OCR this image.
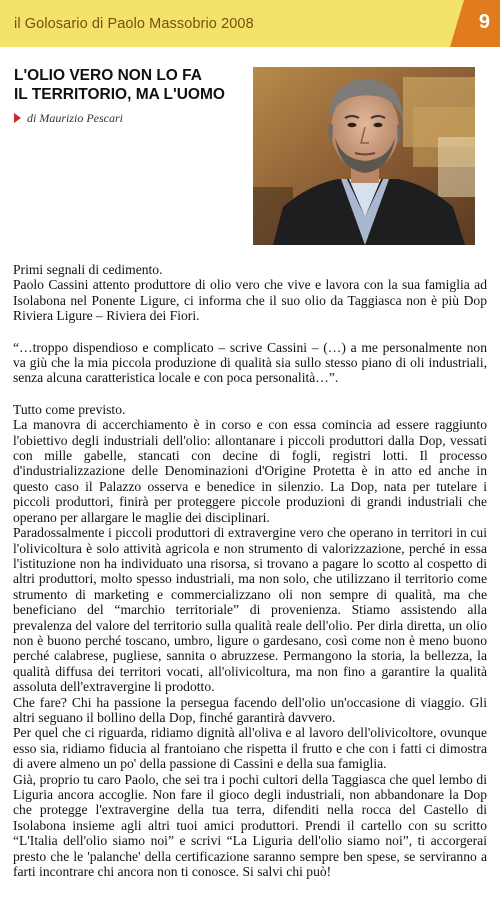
il Golosario di Paolo Massobrio 2008	9
L'OLIO VERO NON LO FA
IL TERRITORIO, MA L'UOMO
di Maurizio Pescari

Primi segnali di cedimento.

Paolo Cassini attento produttore di olio vero che vive e lavora con la sua famiglia ad Isolabona nel Ponente Ligure, ci informa che il suo olio da Taggiasca non è più Dop Riviera Ligure – Riviera dei Fiori.

“…troppo dispendioso e complicato – scrive Cassini – (…) a me personalmente non va giù che la mia piccola produzione di qualità sia sullo stesso piano di oli industriali, senza alcuna caratteristica locale e con poca personalità…”.

Tutto come previsto.

La manovra di accerchiamento è in corso e con essa comincia ad essere raggiunto l'obiettivo degli industriali dell'olio: allontanare i piccoli produttori dalla Dop, vessati con mille gabelle, stancati con decine di fogli, registri lotti. Il processo d'industrializzazione delle Denominazioni d'Origine Protetta è in atto ed anche in questo caso il Palazzo osserva e benedice in silenzio. La Dop, nata per tutelare i piccoli produttori, finirà per proteggere piccole produzioni di grandi industriali che operano per allargare le maglie dei disciplinari.

Paradossalmente i piccoli produttori di extravergine vero che operano in territori in cui l'olivicoltura è solo attività agricola e non strumento di valorizzazione, perché in essa l'istituzione non ha individuato una risorsa, si trovano a pagare lo scotto al cospetto di altri produttori, molto spesso industriali, ma non solo, che utilizzano il territorio come strumento di marketing e commercializzano oli non sempre di qualità, ma che beneficiano del “marchio territoriale” di provenienza. Stiamo assistendo alla prevalenza del valore del territorio sulla qualità reale dell'olio. Per dirla diretta, un olio non è buono perché toscano, umbro, ligure o gardesano, così come non è meno buono perché calabrese, pugliese, sannita o abruzzese. Permangono la storia, la bellezza, la qualità diffusa dei territori vocati, all'olivicoltura, ma non fino a garantire la qualità assoluta dell'extravergine li prodotto.

Che fare? Chi ha passione la persegua facendo dell'olio un'occasione di viaggio. Gli altri seguano il bollino della Dop, finché garantirà davvero.

Per quel che ci riguarda, ridiamo dignità all'oliva e al lavoro dell'olivicoltore, ovunque esso sia, ridiamo fiducia al frantoiano che rispetta il frutto e che con i fatti ci dimostra di avere almeno un po' della passione di Cassini e della sua famiglia.

Già, proprio tu caro Paolo, che sei tra i pochi cultori della Taggiasca che quel lembo di Liguria ancora accoglie. Non fare il gioco degli industriali, non abbandonare la Dop che protegge l'extravergine della tua terra, difenditi nella rocca del Castello di Isolabona insieme agli altri tuoi amici produttori. Prendi il cartello con su scritto “L'Italia dell'olio siamo noi” e scrivi “La Liguria dell'olio siamo noi”, ti accorgerai presto che le 'palanche' della certificazione saranno sempre ben spese, se serviranno a farti incontrare chi ancora non ti conosce. Si salvi chi può!
